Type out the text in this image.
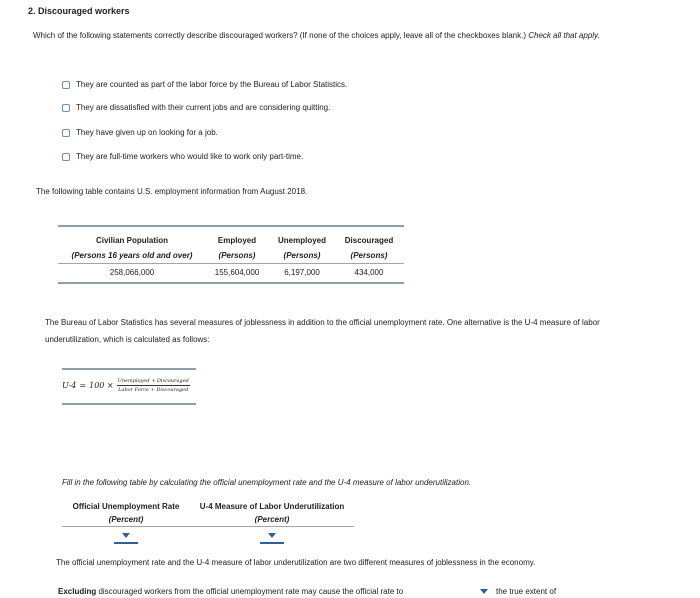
2. Discouraged workers
Which of the following statements correctly describe discouraged workers? (If none of the choices apply, leave all of the checkboxes blank.) Check all that apply.
They are counted as part of the labor force by the Bureau of Labor Statistics.
They are dissatisfied with their current jobs and are considering quitting.
They have given up on looking for a job.
They are full-time workers who would like to work only part-time.
The following table contains U.S. employment information from August 2018.
Civilian Population	Employed	Unemployed	Discouraged
(Persons 16 years old and over)	(Persons)	(Persons)	(Persons)
258,066,000	155,604,000	6,197,000	434,000
The Bureau of Labor Statistics has several measures of joblessness in addition to the official unemployment rate. One alternative is the U-4 measure of labor underutilization, which is calculated as follows:
$U-4 = 100 \times \frac{\text{Unemployed + Discouraged}}{\text{Labor Force + Discouraged}}$
Fill in the following table by calculating the official unemployment rate and the U-4 measure of labor underutilization.
Official Unemployment Rate	U-4 Measure of Labor Underutilization
(Percent)	(Percent)
The official unemployment rate and the U-4 measure of labor underutilization are two different measures of joblessness in the economy.
Excluding discouraged workers from the official unemployment rate may cause the official rate to	the true extent of
